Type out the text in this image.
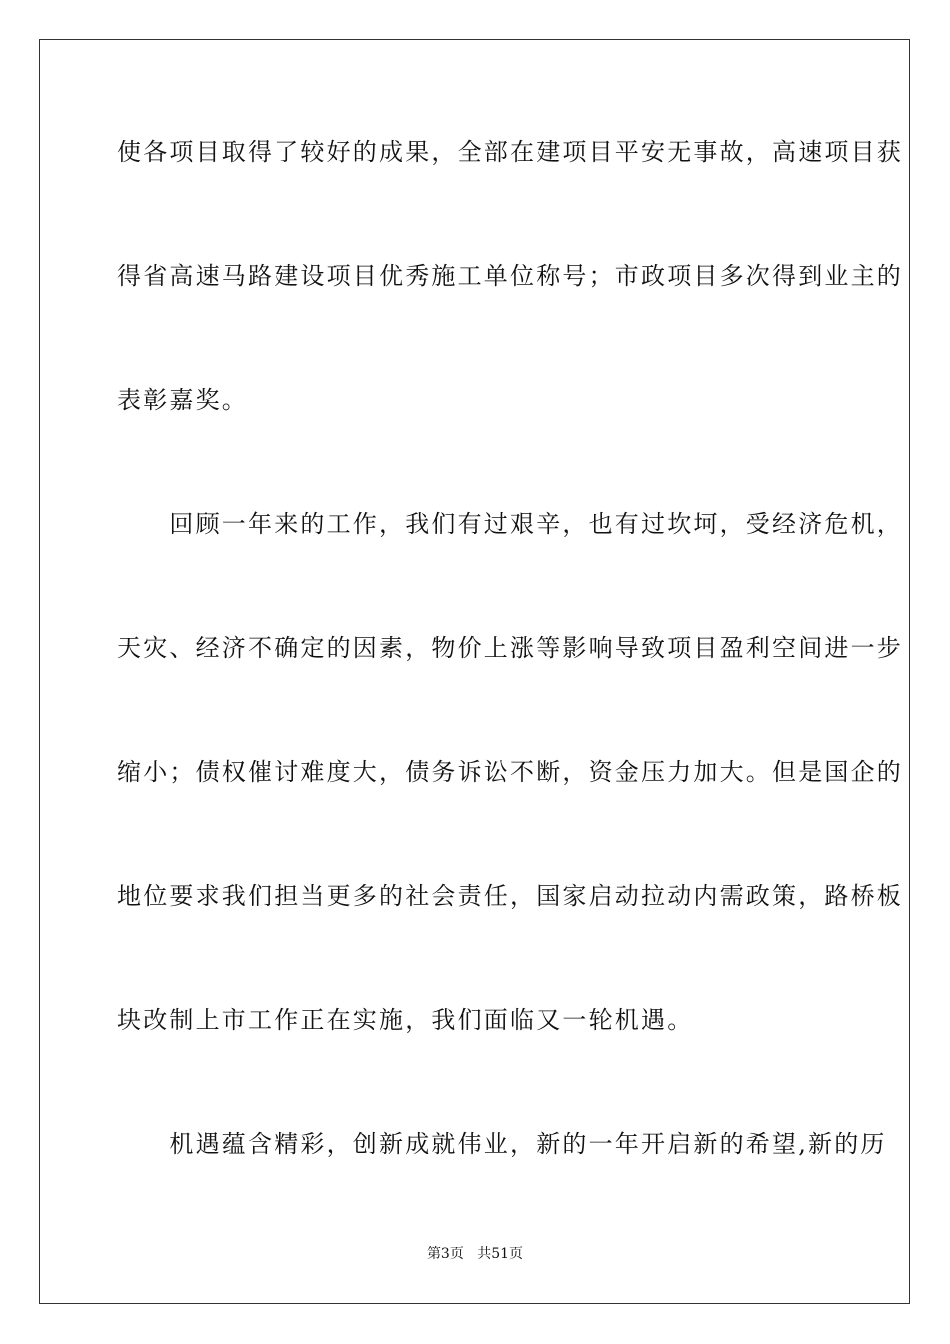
使各项目取得了较好的成果，全部在建项目平安无事故，高速项目获
得省高速马路建设项目优秀施工单位称号；市政项目多次得到业主的
表彰嘉奖。
　　回顾一年来的工作，我们有过艰辛，也有过坎坷，受经济危机，
天灾、经济不确定的因素，物价上涨等影响导致项目盈利空间进一步
缩小；债权催讨难度大，债务诉讼不断，资金压力加大。但是国企的
地位要求我们担当更多的社会责任，国家启动拉动内需政策，路桥板
块改制上市工作正在实施，我们面临又一轮机遇。
　　机遇蕴含精彩，创新成就伟业，新的一年开启新的希望,新的历
第3页 共51页
